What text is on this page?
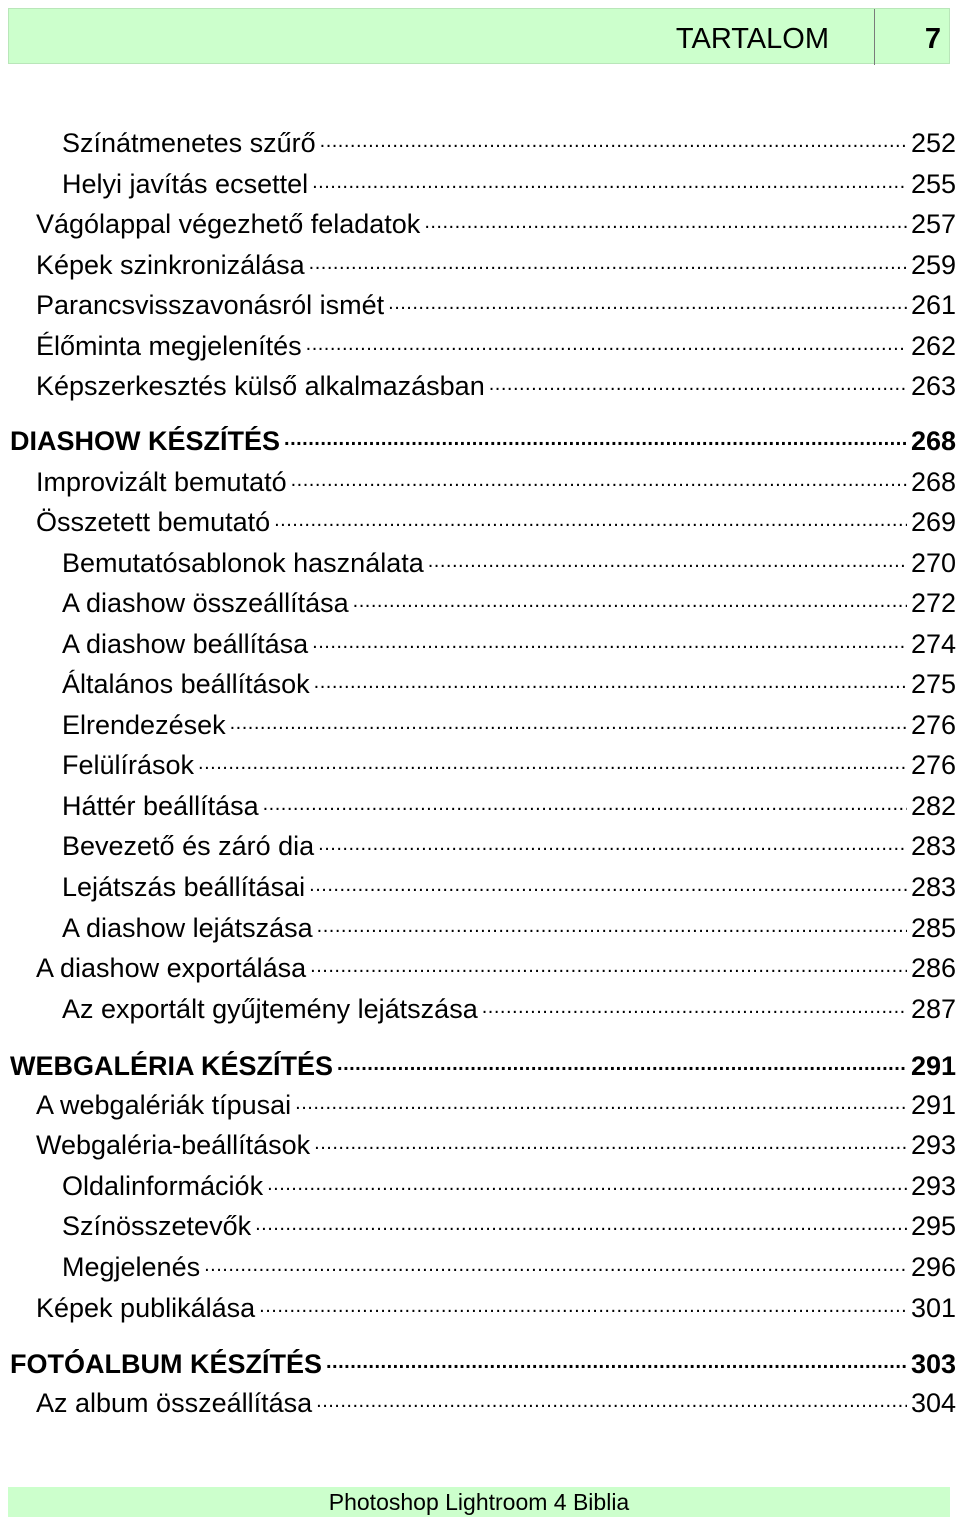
TARTALOM	7
Színátmenetes szűrő .....	252
Helyi javítás ecsettel .....	255
Vágólappal végezhető feladatok .....	257
Képek szinkronizálása .....	259
Parancsvisszavonásról ismét .....	261
Élőminta megjelenítés .....	262
Képszerkesztés külső alkalmazásban .....	263
DIASHOW KÉSZÍTÉS .....	268
Improvizált bemutató .....	268
Összetett bemutató .....	269
Bemutatósablonok használata .....	270
A diashow összeállítása .....	272
A diashow beállítása .....	274
Általános beállítások .....	275
Elrendezések .....	276
Felülírások .....	276
Háttér beállítása .....	282
Bevezető és záró dia .....	283
Lejátszás beállításai .....	283
A diashow lejátszása .....	285
A diashow exportálása .....	286
Az exportált gyűjtemény lejátszása .....	287
WEBGALÉRIA KÉSZÍTÉS .....	291
A webgalériák típusai .....	291
Webgaléria-beállítások .....	293
Oldalinformációk .....	293
Színösszetevők .....	295
Megjelenés .....	296
Képek publikálása .....	301
FOTÓALBUM KÉSZÍTÉS .....	303
Az album összeállítása .....	304
Photoshop Lightroom 4 Biblia
